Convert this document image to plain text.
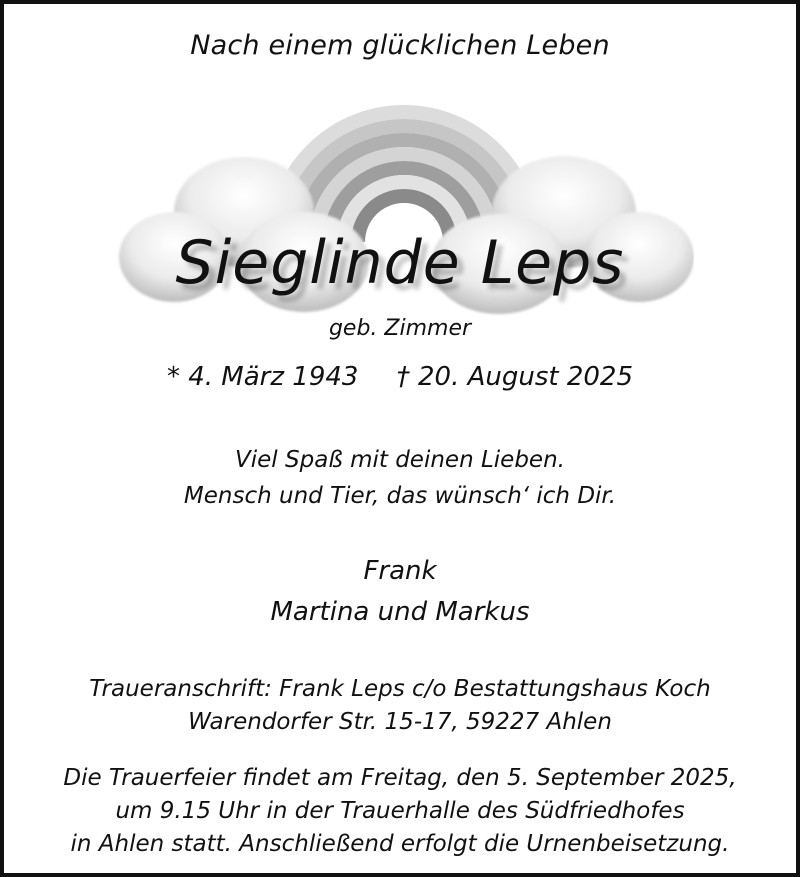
Nach einem glücklichen Leben
Sieglinde Leps
geb. Zimmer
* 4. März 1943 † 20. August 2025
Viel Spaß mit deinen Lieben.
Mensch und Tier, das wünsch‘ ich Dir.
Frank
Martina und Markus
Traueranschrift: Frank Leps c/o Bestattungshaus Koch
Warendorfer Str. 15-17, 59227 Ahlen
Die Trauerfeier findet am Freitag, den 5. September 2025,
um 9.15 Uhr in der Trauerhalle des Südfriedhofes
in Ahlen statt. Anschließend erfolgt die Urnenbeisetzung.
